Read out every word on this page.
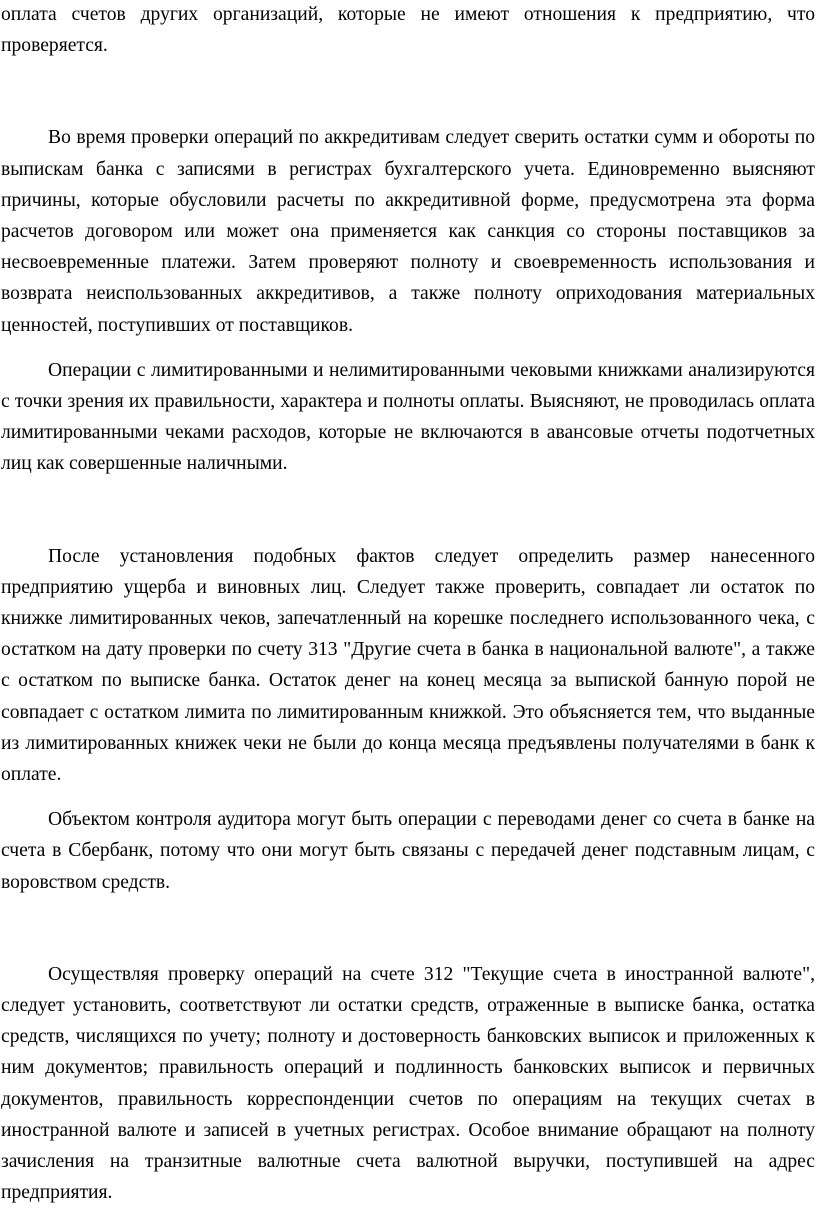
оплата счетов других организаций, которые не имеют отношения к предприятию, что проверяется.

Во время проверки операций по аккредитивам следует сверить остатки сумм и обороты по выпискам банка с записями в регистрах бухгалтерского учета. Единовременно выясняют причины, которые обусловили расчеты по аккредитивной форме, предусмотрена эта форма расчетов договором или может она применяется как санкция со стороны поставщиков за несвоевременные платежи. Затем проверяют полноту и своевременность использования и возврата неиспользованных аккредитивов, а также полноту оприходования материальных ценностей, поступивших от поставщиков.

Операции с лимитированными и нелимитированными чековыми книжками анализируются с точки зрения их правильности, характера и полноты оплаты. Выясняют, не проводилась оплата лимитированными чеками расходов, которые не включаются в авансовые отчеты подотчетных лиц как совершенные наличными.

После установления подобных фактов следует определить размер нанесенного предприятию ущерба и виновных лиц. Следует также проверить, совпадает ли остаток по книжке лимитированных чеков, запечатленный на корешке последнего использованного чека, с остатком на дату проверки по счету 313 "Другие счета в банка в национальной валюте", а также с остатком по выписке банка. Остаток денег на конец месяца за выпиской банную порой не совпадает с остатком лимита по лимитированным книжкой. Это объясняется тем, что выданные из лимитированных книжек чеки не были до конца месяца предъявлены получателями в банк к оплате.

Объектом контроля аудитора могут быть операции с переводами денег со счета в банке на счета в Сбербанк, потому что они могут быть связаны с передачей денег подставным лицам, с воровством средств.

Осуществляя проверку операций на счете 312 "Текущие счета в иностранной валюте", следует установить, соответствуют ли остатки средств, отраженные в выписке банка, остатка средств, числящихся по учету; полноту и достоверность банковских выписок и приложенных к ним документов; правильность операций и подлинность банковских выписок и первичных документов, правильность корреспонденции счетов по операциям на текущих счетах в иностранной валюте и записей в учетных регистрах. Особое внимание обращают на полноту зачисления на транзитные валютные счета валютной выручки, поступившей на адрес предприятия.
